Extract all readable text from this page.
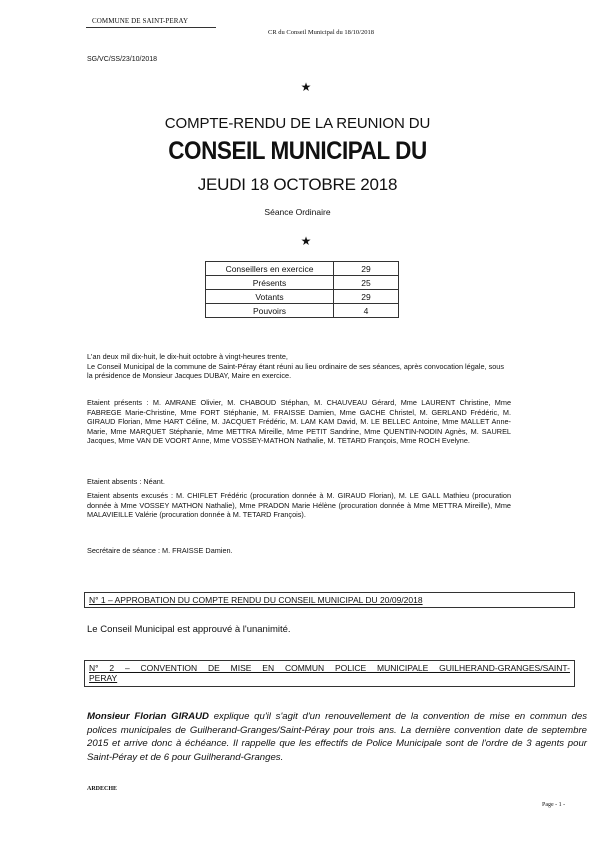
COMMUNE DE SAINT-PERAY
CR du Conseil Municipal du 18/10/2018
SG/VC/SS/23/10/2018
★
COMPTE-RENDU DE LA REUNION DU
CONSEIL MUNICIPAL DU
JEUDI 18 OCTOBRE 2018
Séance Ordinaire
★
Conseillers en exercice	29
Présents	25
Votants	29
Pouvoirs	4
L'an deux mil dix-huit, le dix-huit octobre à vingt-heures trente,
Le Conseil Municipal de la commune de Saint-Péray étant réuni au lieu ordinaire de ses séances, après convocation légale, sous la présidence de Monsieur Jacques DUBAY, Maire en exercice.
Etaient présents : M. AMRANE Olivier, M. CHABOUD Stéphan, M. CHAUVEAU Gérard, Mme LAURENT Christine, Mme FABREGE Marie-Christine, Mme FORT Stéphanie, M. FRAISSE Damien, Mme GACHE Christel, M. GERLAND Frédéric, M. GIRAUD Florian, Mme HART Céline, M. JACQUET Frédéric, M. LAM KAM David, M. LE BELLEC Antoine, Mme MALLET Anne-Marie, Mme MARQUET Stéphanie, Mme METTRA Mireille, Mme PETIT Sandrine, Mme QUENTIN-NODIN Agnès, M. SAUREL Jacques, Mme VAN DE VOORT Anne, Mme VOSSEY-MATHON Nathalie, M. TETARD François, Mme ROCH Evelyne.
Etaient absents : Néant.
Etaient absents excusés : M. CHIFLET Frédéric (procuration donnée à M. GIRAUD Florian), M. LE GALL Mathieu (procuration donnée à Mme VOSSEY MATHON Nathalie), Mme PRADON Marie Hélène (procuration donnée à Mme METTRA Mireille), Mme MALAVIEILLE Valérie (procuration donnée à M. TETARD François).
Secrétaire de séance : M. FRAISSE Damien.
N° 1 – APPROBATION DU COMPTE RENDU DU CONSEIL MUNICIPAL DU 20/09/2018
Le Conseil Municipal est approuvé à l'unanimité.
N° 2 – CONVENTION DE MISE EN COMMUN POLICE MUNICIPALE GUILHERAND-GRANGES/SAINT-
PERAY
Monsieur Florian GIRAUD explique qu'il s'agit d'un renouvellement de la convention de mise en commun des polices municipales de Guilherand-Granges/Saint-Péray pour trois ans. La dernière convention date de septembre 2015 et arrive donc à échéance. Il rappelle que les effectifs de Police Municipale sont de l'ordre de 3 agents pour Saint-Péray et de 6 pour Guilherand-Granges.
ARDECHE
Page - 1 -
